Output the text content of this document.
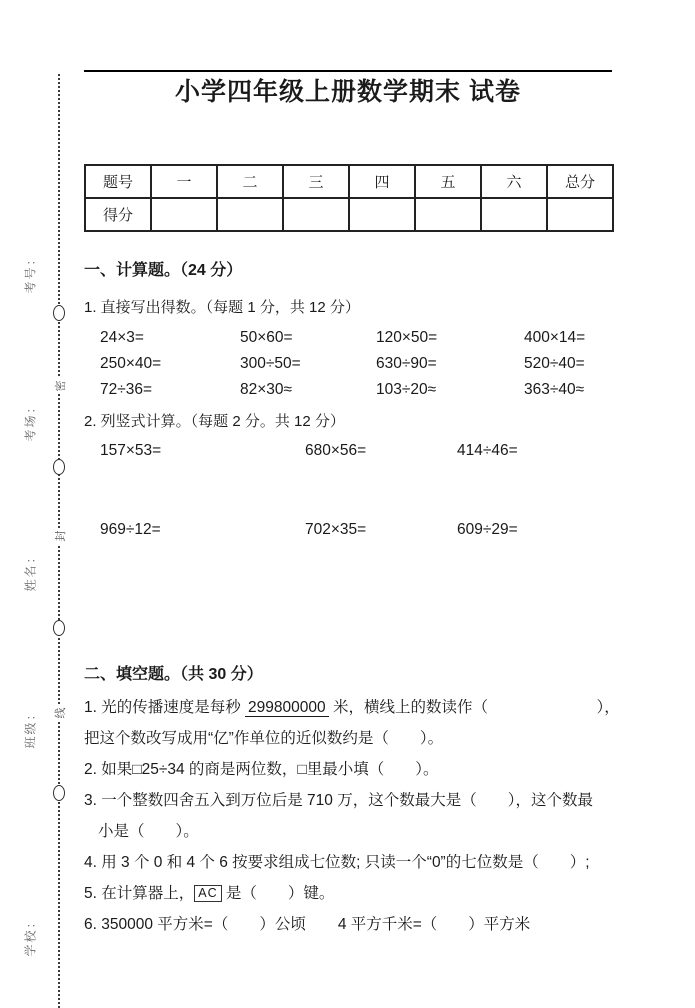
密
封
线
考号：
考场：
姓名：
班级：
学校：
小学四年级上册数学期末 试卷
题号	一	二	三	四	五	六	总分
得分							
一、计算题。（24 分）
1. 直接写出得数。（每题 1 分，共 12 分）
24×3=	50×60=	120×50=	400×14=
250×40=	300÷50=	630÷90=	520÷40=
72÷36=	82×30≈	103÷20≈	363÷40≈
2. 列竖式计算。（每题 2 分。共 12 分）
157×53=	680×56=	414÷46=
969÷12=	702×35=	609÷29=
二、填空题。（共 30 分）
1. 光的传播速度是每秒 299800000 米，横线上的数读作（　　　　　　　），
把这个数改写成用“亿”作单位的近似数约是（　　）。
2. 如果□25÷34 的商是两位数，□里最小填（　　）。
3. 一个整数四舍五入到万位后是 710 万，这个数最大是（　　），这个数最
小是（　　）。
4. 用 3 个 0 和 4 个 6 按要求组成七位数; 只读一个“0”的七位数是（　　）;
5. 在计算器上， AC 是（　　）键。
6. 350000 平方米=（　　）公顷 4 平方千米=（　　）平方米
